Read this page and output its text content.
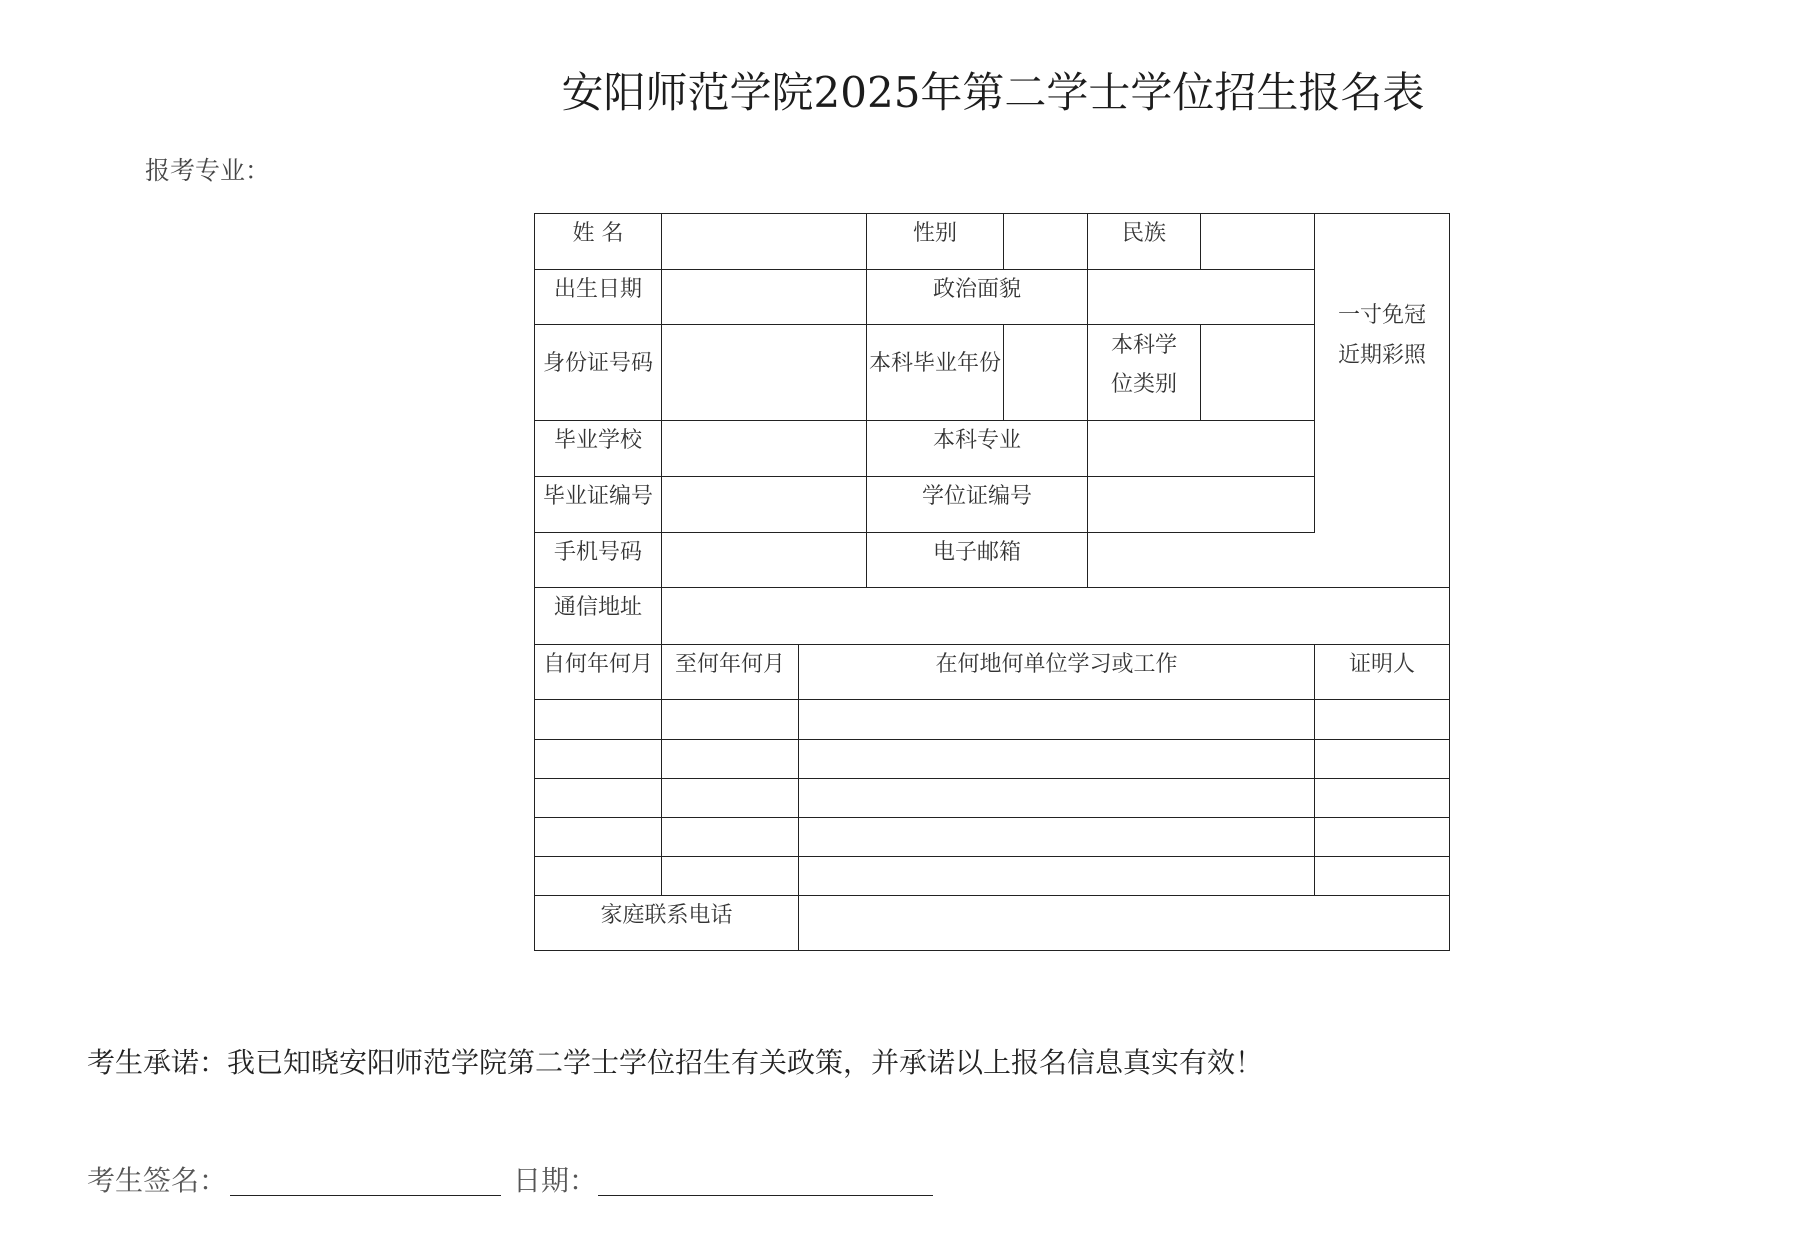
安阳师范学院2025年第二学士学位招生报名表
报考专业：
姓 名			性别		民族		一寸免冠
近期彩照

出生日期			政治面貌				
身份证号码			本科毕业年份		本科学
位类别		

毕业学校			本科专业				
毕业证编号			学位证编号				
手机号码			电子邮箱				
通信地址							
自何年何月	至何年何月	在何地何单位学习或工作					证明人

家庭联系电话							
考生承诺：我已知晓安阳师范学院第二学士学位招生有关政策，并承诺以上报名信息真实有效！
考生签名：	日期：
